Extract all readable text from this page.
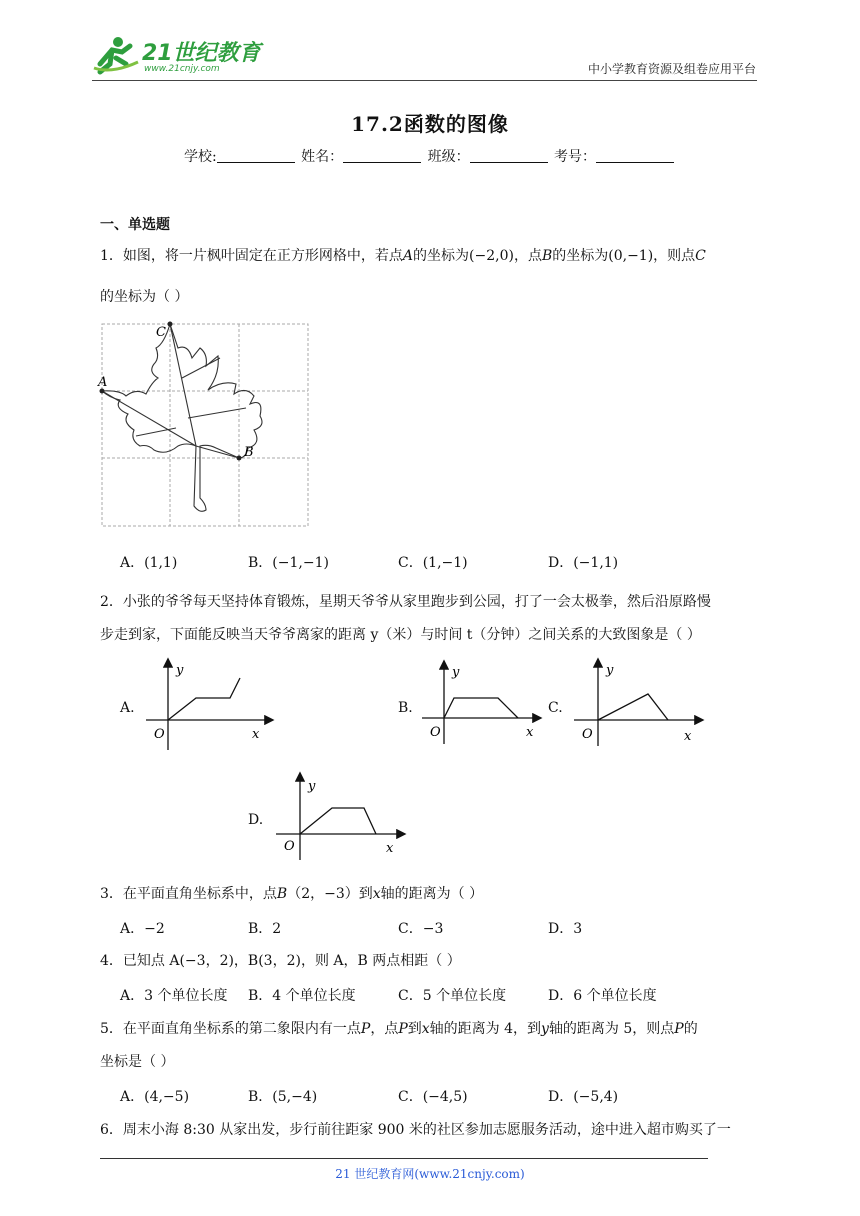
21世纪教育
www.21cnjy.com	中小学教育资源及组卷应用平台
17.2函数的图像
学校:	姓名：	班级：	考号：
一、单选题
1．如图，将一片枫叶固定在正方形网格中，若点A的坐标为(−2,0)，点B的坐标为(0,−1)，则点C
的坐标为（ ）
A
B
C
A．(1,1)	B．(−1,−1)	C．(1,−1)	D．(−1,1)
2．小张的爷爷每天坚持体育锻炼，星期天爷爷从家里跑步到公园，打了一会太极拳，然后沿原路慢
步走到家，下面能反映当天爷爷离家的距离 y（米）与时间 t（分钟）之间关系的大致图象是（ ）
A.
y
x
O
B.
y
x
O
C.
y
x
O
D.
y
x
O
3．在平面直角坐标系中，点B（2，−3）到x轴的距离为（ ）
A．−2	B．2	C．−3	D．3
4．已知点 A(−3，2)，B(3，2)，则 A，B 两点相距（ ）
A．3 个单位长度 B．4 个单位长度	C．5 个单位长度	D．6 个单位长度
5．在平面直角坐标系的第二象限内有一点P，点P到x轴的距离为 4，到y轴的距离为 5，则点P的
坐标是（ ）
A．(4,−5)	B．(5,−4)	C．(−4,5)	D．(−5,4)
6．周末小海 8:30 从家出发，步行前往距家 900 米的社区参加志愿服务活动，途中进入超市购买了一
21 世纪教育网(www.21cnjy.com)
